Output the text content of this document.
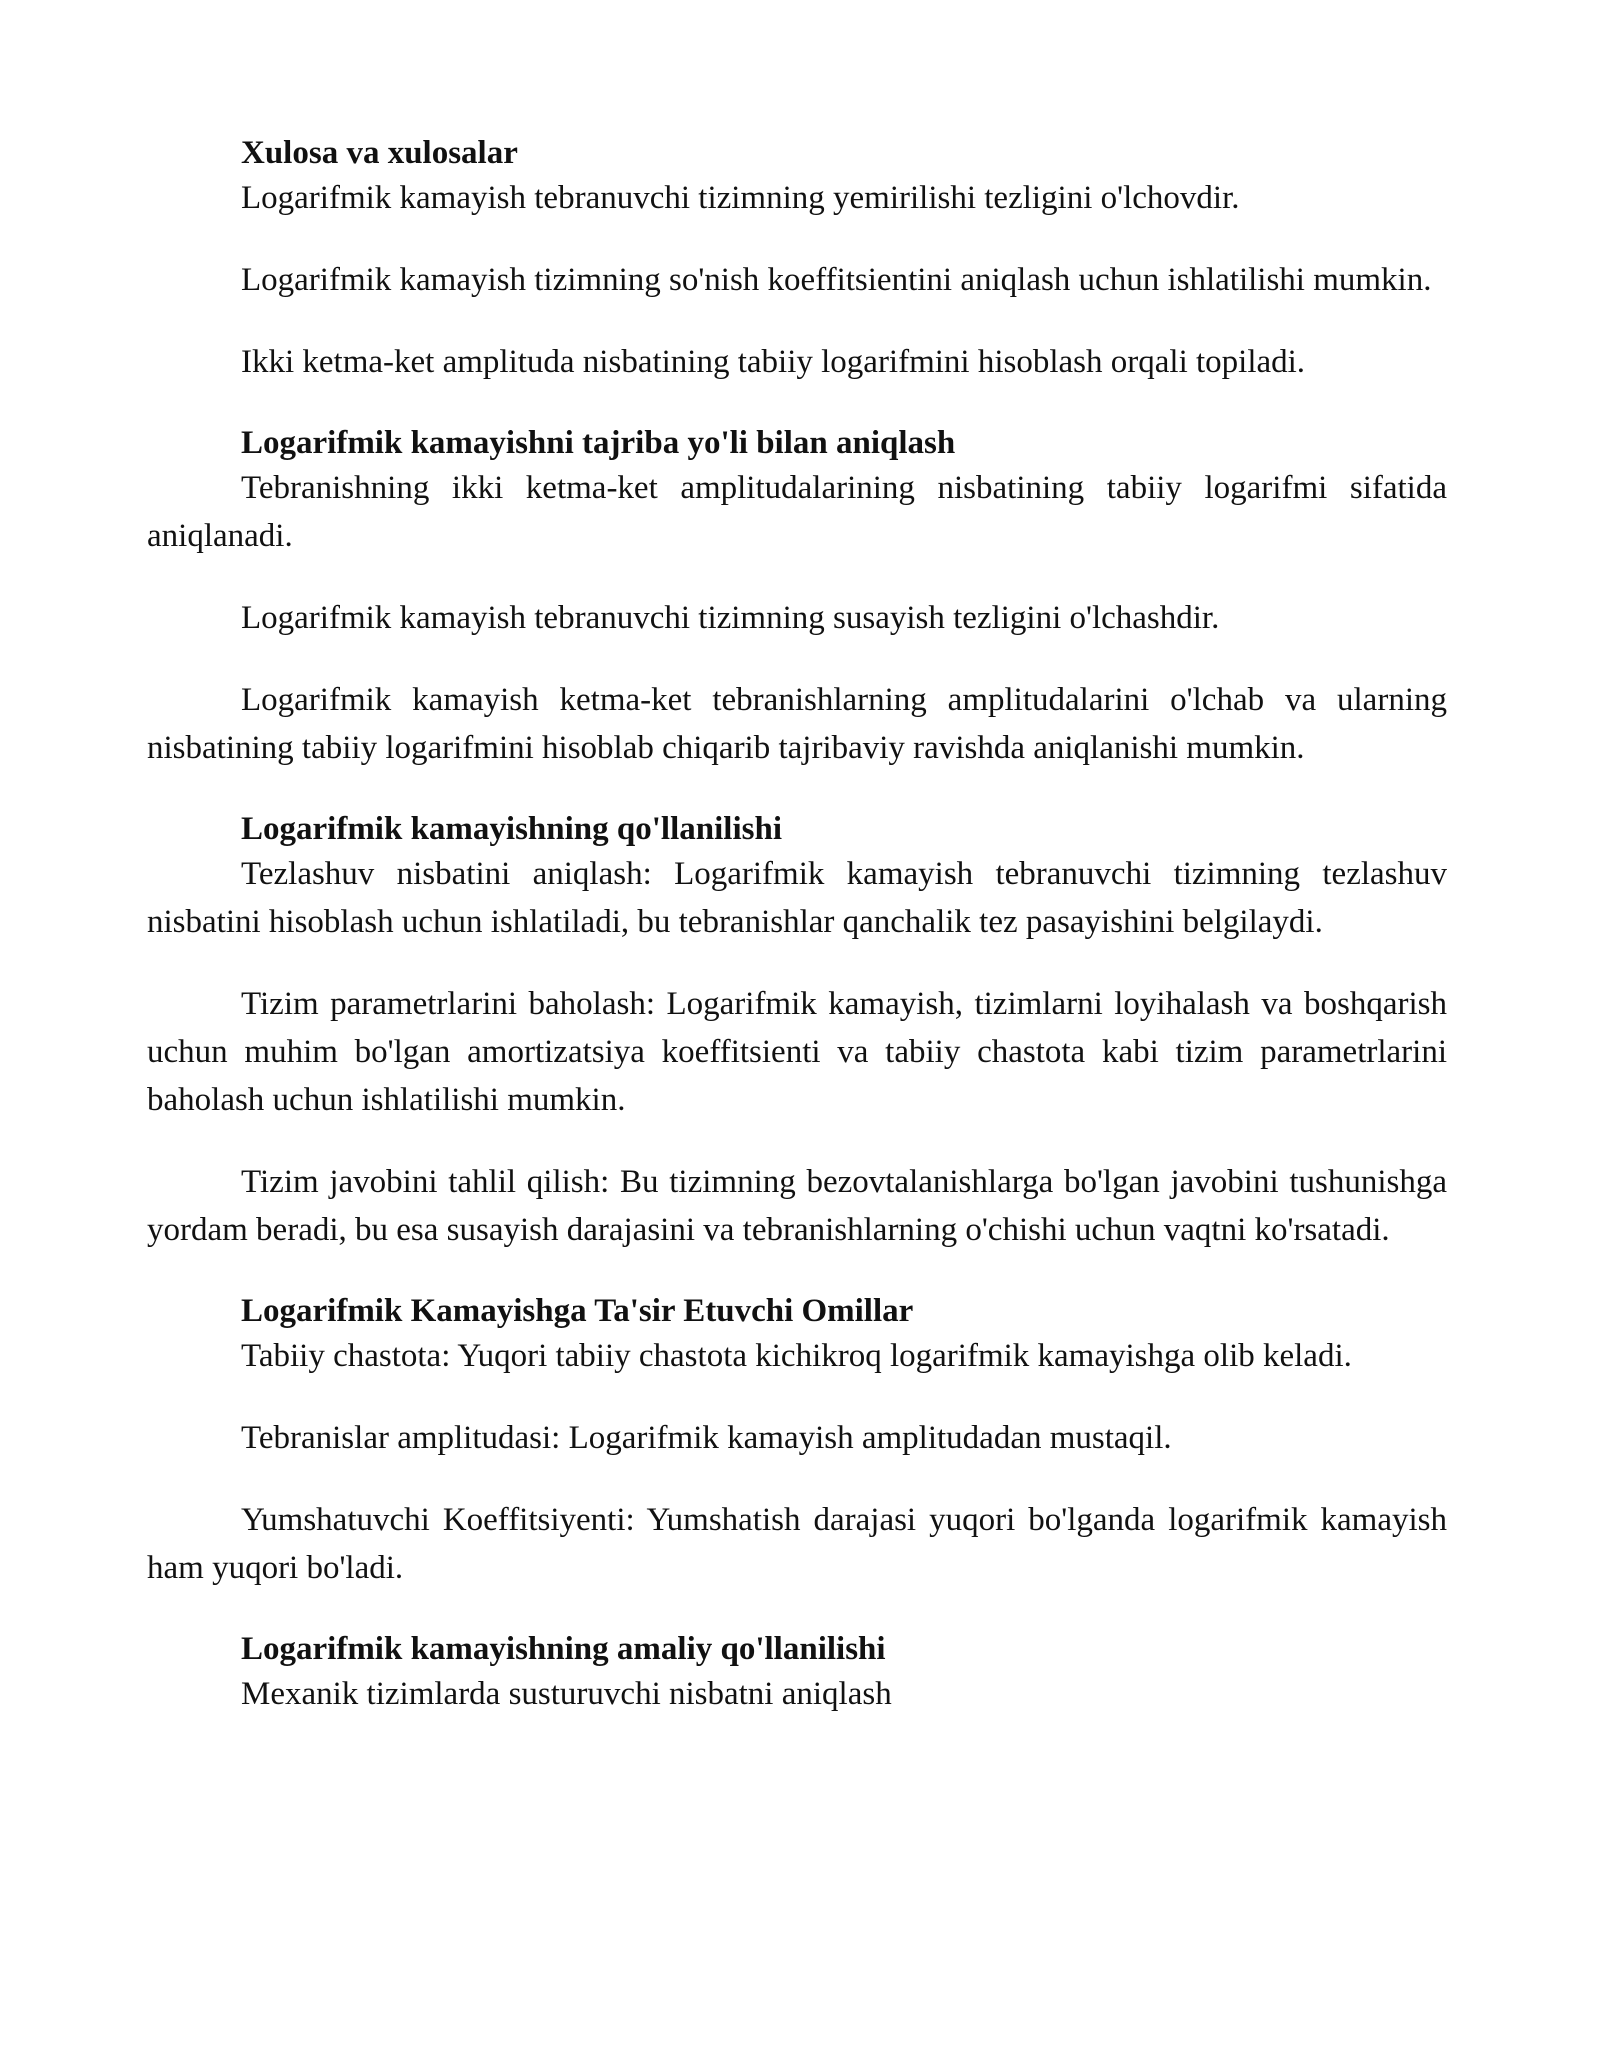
Xulosa va xulosalar

Logarifmik kamayish tebranuvchi tizimning yemirilishi tezligini o'lchovdir.

Logarifmik kamayish tizimning so'nish koeffitsientini aniqlash uchun ishlatilishi mumkin.

Ikki ketma-ket amplituda nisbatining tabiiy logarifmini hisoblash orqali topiladi.

Logarifmik kamayishni tajriba yo'li bilan aniqlash

Tebranishning ikki ketma-ket amplitudalarining nisbatining tabiiy logarifmi sifatida aniqlanadi.

Logarifmik kamayish tebranuvchi tizimning susayish tezligini o'lchashdir.

Logarifmik kamayish ketma-ket tebranishlarning amplitudalarini o'lchab va ularning nisbatining tabiiy logarifmini hisoblab chiqarib tajribaviy ravishda aniqlanishi mumkin.

Logarifmik kamayishning qo'llanilishi

Tezlashuv nisbatini aniqlash: Logarifmik kamayish tebranuvchi tizimning tezlashuv nisbatini hisoblash uchun ishlatiladi, bu tebranishlar qanchalik tez pasayishini belgilaydi.

Tizim parametrlarini baholash: Logarifmik kamayish, tizimlarni loyihalash va boshqarish uchun muhim bo'lgan amortizatsiya koeffitsienti va tabiiy chastota kabi tizim parametrlarini baholash uchun ishlatilishi mumkin.

Tizim javobini tahlil qilish: Bu tizimning bezovtalanishlarga bo'lgan javobini tushunishga yordam beradi, bu esa susayish darajasini va tebranishlarning o'chishi uchun vaqtni ko'rsatadi.

Logarifmik Kamayishga Ta'sir Etuvchi Omillar

Tabiiy chastota: Yuqori tabiiy chastota kichikroq logarifmik kamayishga olib keladi.

Tebranislar amplitudasi: Logarifmik kamayish amplitudadan mustaqil.

Yumshatuvchi Koeffitsiyenti: Yumshatish darajasi yuqori bo'lganda logarifmik kamayish ham yuqori bo'ladi.

Logarifmik kamayishning amaliy qo'llanilishi

Mexanik tizimlarda susturuvchi nisbatni aniqlash
